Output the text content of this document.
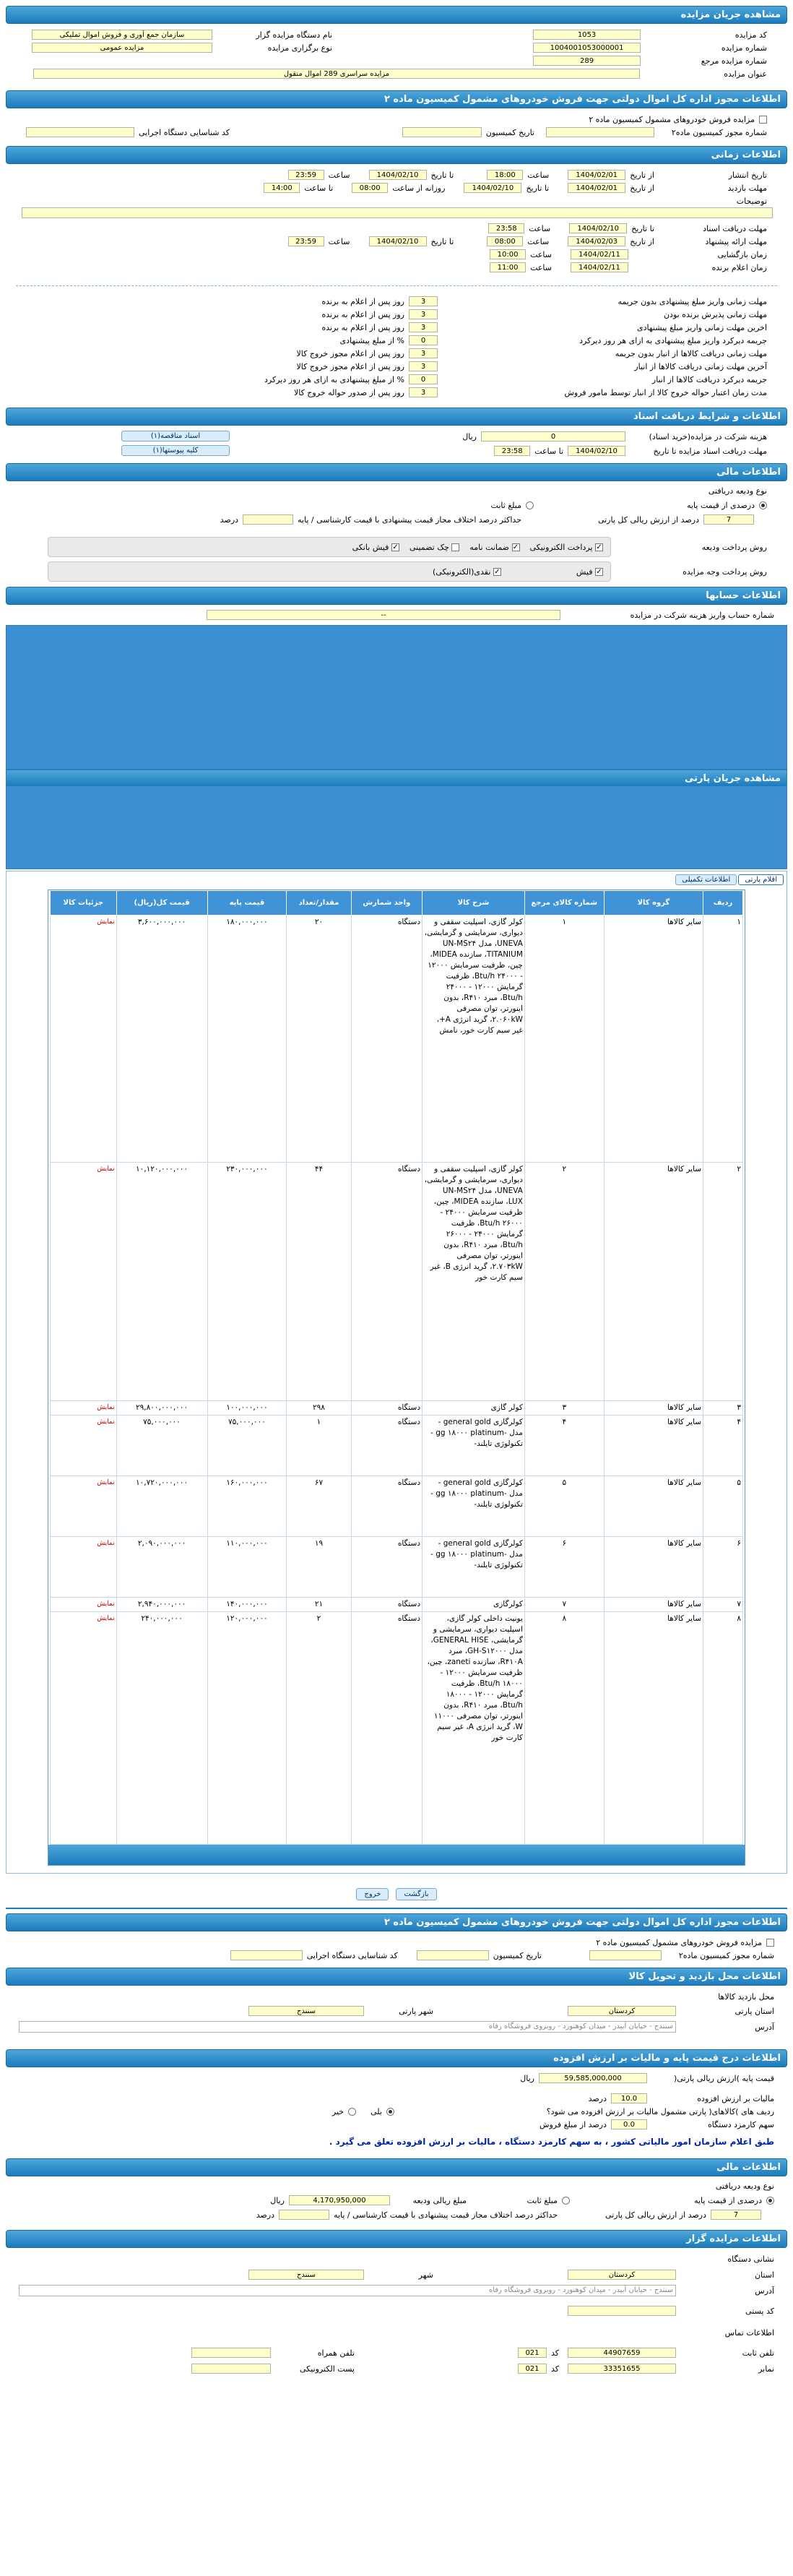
مشاهده جریان مزایده
کد مزایده
1053
شماره مزایده
1004001053000001
شماره مزایده مرجع
289
نام دستگاه مزایده گزار
سازمان جمع آوری و فروش اموال تملیکی
نوع برگزاری مزایده
مزایده عمومی
عنوان مزایده
مزایده سراسری 289 اموال منقول
اطلاعات مجوز اداره کل اموال دولتی جهت فروش خودروهای مشمول کمیسیون ماده ۲
مزایده فروش خودروهای مشمول کمیسیون ماده ۲
شماره مجوز کمیسیون ماده۲
تاریخ کمیسیون
کد شناسایی دستگاه اجرایی
اطلاعات زمانی
تاریخ انتشار
از تاریخ
1404/02/01
ساعت
18:00
تا تاریخ
1404/02/10
ساعت
23:59
مهلت بازدید
از تاریخ
1404/02/01
تا تاریخ
1404/02/10
روزانه از ساعت
08:00
تا ساعت
14:00
توضیحات
مهلت دریافت اسناد
تا تاریخ
1404/02/10
ساعت
23:58
مهلت ارائه پیشنهاد
از تاریخ
1404/02/03
ساعت
08:00
تا تاریخ
1404/02/10
ساعت
23:59
زمان بازگشایی
1404/02/11
ساعت
10:00
زمان اعلام برنده
1404/02/11
ساعت
11:00
مهلت زمانی واریز مبلغ پیشنهادی بدون جریمه
3
روز پس از اعلام به برنده
مهلت زمانی پذیرش برنده بودن
3
روز پس از اعلام به برنده
اخرین مهلت زمانی واریز مبلغ پیشنهادی
3
روز پس از اعلام به برنده
جریمه دیرکرد واریز مبلغ پیشنهادی به ازای هر روز دیرکرد
0
% از مبلغ پیشنهادی
مهلت زمانی دریافت کالاها از انبار بدون جریمه
3
روز پس از اعلام مجوز خروج کالا
آخرین مهلت زمانی دریافت کالاها از انبار
3
روز پس از اعلام مجوز خروج کالا
جریمه دیرکرد دریافت کالاها از انبار
0
% از مبلغ پیشنهادی به ازای هر روز دیرکرد
مدت زمان اعتبار حواله خروج کالا از انبار توسط مامور فروش
3
روز پس از صدور حواله خروج کالا
اطلاعات و شرایط دریافت اسناد
هزینه شرکت در مزایده(خرید اسناد)
0
ریال
مهلت دریافت اسناد مزایده تا تاریخ
1404/02/10
تا ساعت
23:58
اسناد مناقصه(۱)
کلیه پیوستها(۱)
اطلاعات مالی
نوع ودیعه دریافتی
درصدی از قیمت پایه
مبلغ ثابت
7
درصد از ارزش ریالی کل پارتی
حداکثر درصد اختلاف مجاز قیمت پیشنهادی با قیمت کارشناسی / پایه
درصد
روش پرداخت ودیعه
✓ پرداخت الکترونیکی
✓ ضمانت نامه
چک تضمینی
✓ فیش بانکی
روش پرداخت وجه مزایده
✓ فیش
✓ نقدی(الکترونیکی)
اطلاعات حسابها
شماره حساب واریز هزینه شرکت در مزایده
--
مشاهده جریان پارتی
اقلام پارتی
اطلاعات تکمیلی
ردیف	گروه کالا	شماره کالای مرجع	شرح کالا	واحد شمارش	مقدار/تعداد	قیمت پایه	قیمت کل(ریال)	جزئیات کالا
۱	سایر کالاها	۱	کولر گازی، اسپلیت سقفی و دیواری، سرمایشی و گرمایشی، UNEVA، مدل UN-MS۲۴ TITANIUM، سازنده MIDEA، چین، ظرفیت سرمایش ۱۲۰۰۰ - ۲۴۰۰۰ Btu/h، ظرفیت گرمایش ۱۲۰۰۰ - ۲۴۰۰۰ Btu/h، مبرد R۴۱۰، بدون اینورتر، توان مصرفی ۲.۰۶۰kW، گرید انرژی A+، غیر سیم کارت خور، نامش	دستگاه	۲۰	۱۸۰,۰۰۰,۰۰۰	۳,۶۰۰,۰۰۰,۰۰۰	نمایش
۲	سایر کالاها	۲	کولر گازی، اسپلیت سقفی و دیواری، سرمایشی و گرمایشی، UNEVA، مدل UN-MS۲۴ LUX، سازنده MIDEA، چین، ظرفیت سرمایش ۲۴۰۰۰ - ۲۶۰۰۰ Btu/h، ظرفیت گرمایش ۲۴۰۰۰ - ۲۶۰۰۰ Btu/h، مبرد R۴۱۰، بدون اینورتر، توان مصرفی ۲.۷۰۳kW، گرید انرژی B، غیر سیم کارت خور	دستگاه	۴۴	۲۳۰,۰۰۰,۰۰۰	۱۰,۱۲۰,۰۰۰,۰۰۰	نمایش
۳	سایر کالاها	۳	کولر گازی	دستگاه	۲۹۸	۱۰۰,۰۰۰,۰۰۰	۲۹,۸۰۰,۰۰۰,۰۰۰	نمایش
۴	سایر کالاها	۴	کولرگازی general gold - مدل -gg ۱۸۰۰۰ platinum - تکنولوژی تایلند-	دستگاه	۱	۷۵,۰۰۰,۰۰۰	۷۵,۰۰۰,۰۰۰	نمایش
۵	سایر کالاها	۵	کولرگازی general gold - مدل -gg ۱۸۰۰۰ platinum - تکنولوژی تایلند-	دستگاه	۶۷	۱۶۰,۰۰۰,۰۰۰	۱۰,۷۲۰,۰۰۰,۰۰۰	نمایش
۶	سایر کالاها	۶	کولرگازی general gold - مدل -gg ۱۸۰۰۰ platinum - تکنولوژی تایلند-	دستگاه	۱۹	۱۱۰,۰۰۰,۰۰۰	۲,۰۹۰,۰۰۰,۰۰۰	نمایش
۷	سایر کالاها	۷	کولرگازی	دستگاه	۲۱	۱۴۰,۰۰۰,۰۰۰	۲,۹۴۰,۰۰۰,۰۰۰	نمایش
۸	سایر کالاها	۸	یونیت داخلی کولر گازی، اسپلیت دیواری، سرمایشی و گرمایشی، GENERAL HISE، مدل GH-S۱۲۰۰۰، مبرد R۴۱۰A، سازنده zaneti، چین، ظرفیت سرمایش ۱۲۰۰۰ - ۱۸۰۰۰ Btu/h، ظرفیت گرمایش ۱۲۰۰۰ - ۱۸۰۰۰ Btu/h، مبرد R۴۱۰، بدون اینورتر، توان مصرفی ۱۱۰۰۰ W، گرید انرژی A، غیر سیم کارت خور	دستگاه	۲	۱۲۰,۰۰۰,۰۰۰	۲۴۰,۰۰۰,۰۰۰	نمایش
بازگشت
خروج
اطلاعات مجوز اداره کل اموال دولتی جهت فروش خودروهای مشمول کمیسیون ماده ۲
مزایده فروش خودروهای مشمول کمیسیون ماده ۲
شماره مجوز کمیسیون ماده۲
تاریخ کمیسیون
کد شناسایی دستگاه اجرایی
اطلاعات محل بازدید و تحویل کالا
محل بازدید کالاها
استان پارتی
کردستان
شهر پارتی
سنندج
آدرس
سنندج - خیابان آبیدر - میدان کوهنورد - روبروی فروشگاه رفاه
اطلاعات درج قیمت پایه و مالیات بر ارزش افزوده
قیمت پایه )ارزش ریالی پارتی(
59,585,000,000
ریال
مالیات بر ارزش افزوده
10.0
درصد
ردیف های )کالاهای( پارتی مشمول مالیات بر ارزش افزوده می شود؟
بلی
خیر
سهم کارمزد دستگاه
0.0
درصد از مبلغ فروش
طبق اعلام سازمان امور مالیاتی کشور ، به سهم کارمزد دستگاه ، مالیات بر ارزش افزوده تعلق می گیرد .
اطلاعات مالی
نوع ودیعه دریافتی
درصدی از قیمت پایه
مبلغ ثابت
مبلغ ریالی ودیعه
4,170,950,000
ریال
7
درصد از ارزش ریالی کل پارتی
حداکثر درصد اختلاف مجاز قیمت پیشنهادی با قیمت کارشناسی / پایه
درصد
اطلاعات مزایده گزار
نشانی دستگاه
استان
کردستان
شهر
سنندج
آدرس
سنندج - خیابان آبیدر - میدان کوهنورد - روبروی فروشگاه رفاه
کد پستی
اطلاعات تماس
تلفن ثابت
44907659
کد
021
تلفن همراه
نمابر
33351655
کد
021
پست الکترونیکی
